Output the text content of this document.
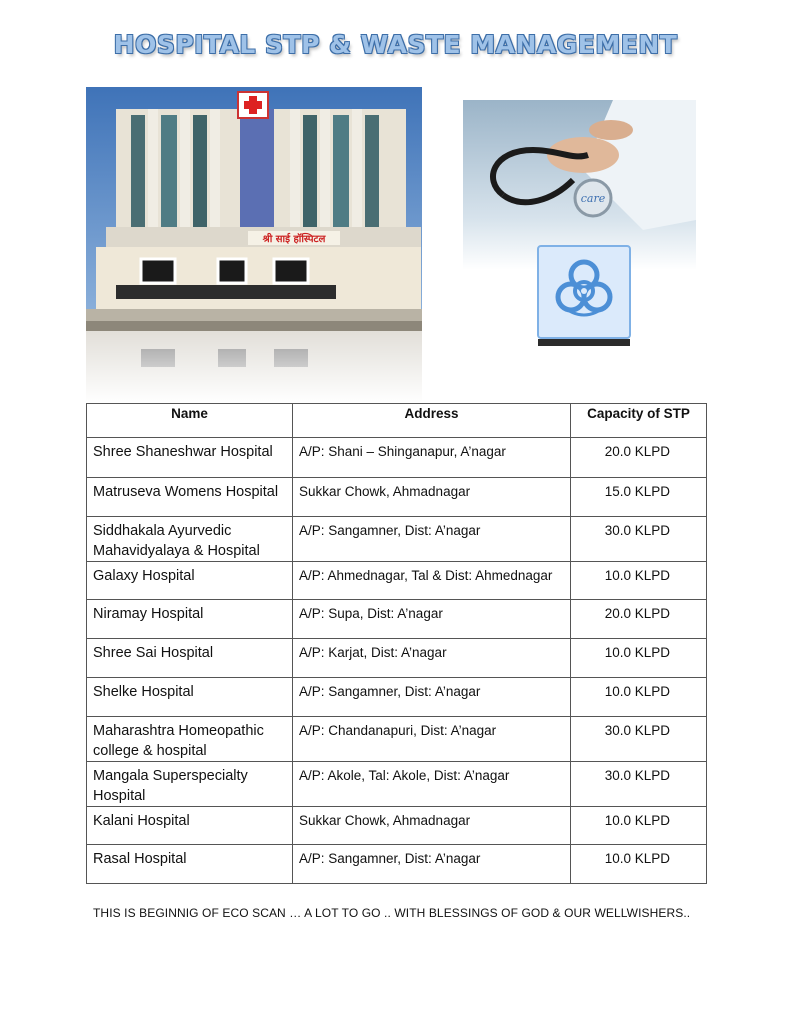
HOSPITAL STP & WASTE MANAGEMENT
श्री साई हॉस्पिटल
care
Name	Address	Capacity of STP
Shree Shaneshwar Hospital	A/P: Shani – Shinganapur, A’nagar	20.0 KLPD
Matruseva Womens Hospital	Sukkar Chowk, Ahmadnagar	15.0 KLPD
Siddhakala Ayurvedic Mahavidyalaya & Hospital	A/P: Sangamner, Dist: A’nagar	30.0 KLPD
Galaxy Hospital	A/P: Ahmednagar, Tal & Dist: Ahmednagar	10.0 KLPD
Niramay Hospital	A/P: Supa, Dist: A’nagar	20.0 KLPD
Shree Sai Hospital	A/P: Karjat, Dist: A’nagar	10.0 KLPD
Shelke Hospital	A/P: Sangamner, Dist: A’nagar	10.0 KLPD
Maharashtra Homeopathic college & hospital	A/P: Chandanapuri, Dist: A’nagar	30.0 KLPD
Mangala Superspecialty Hospital	A/P: Akole, Tal: Akole, Dist: A’nagar	30.0 KLPD
Kalani Hospital	Sukkar Chowk, Ahmadnagar	10.0 KLPD
Rasal Hospital	A/P: Sangamner, Dist: A’nagar	10.0 KLPD
THIS IS BEGINNIG OF ECO SCAN … A LOT TO GO .. WITH BLESSINGS OF GOD & OUR WELLWISHERS..
